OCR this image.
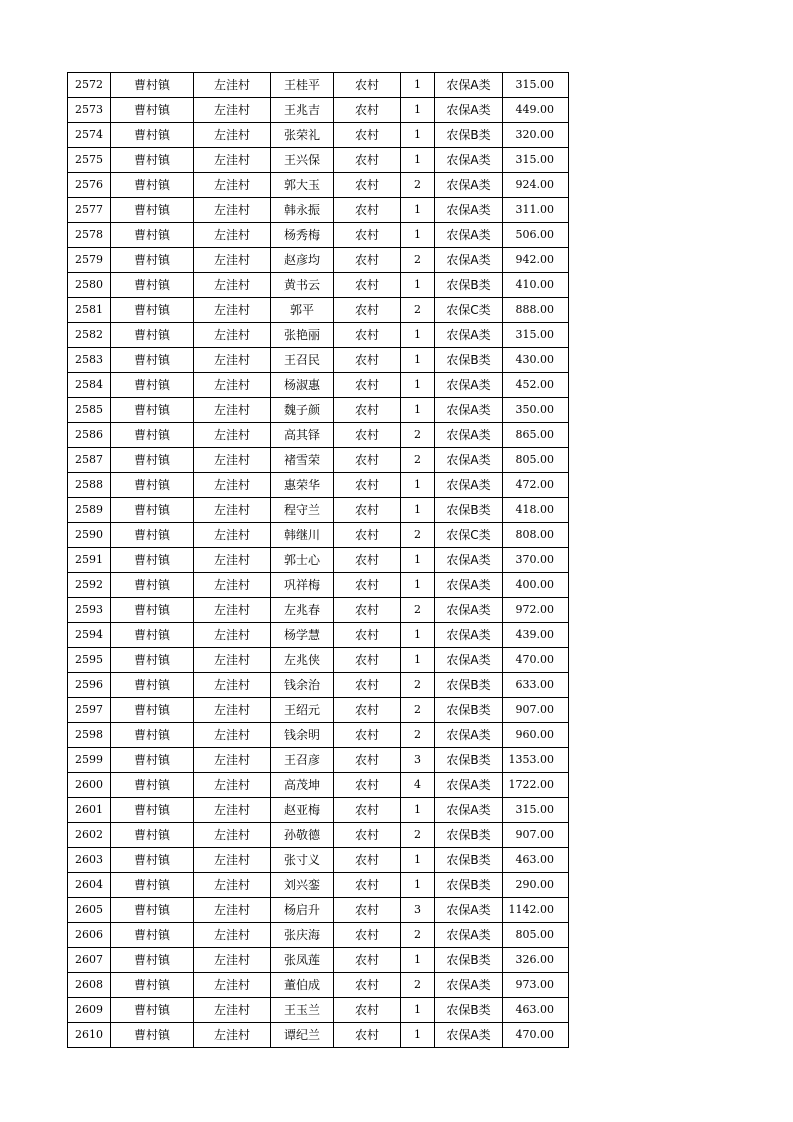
2572	曹村镇	左洼村	王桂平	农村	1	农保A类	315.00
2573	曹村镇	左洼村	王兆吉	农村	1	农保A类	449.00
2574	曹村镇	左洼村	张荣礼	农村	1	农保B类	320.00
2575	曹村镇	左洼村	王兴保	农村	1	农保A类	315.00
2576	曹村镇	左洼村	郭大玉	农村	2	农保A类	924.00
2577	曹村镇	左洼村	韩永振	农村	1	农保A类	311.00
2578	曹村镇	左洼村	杨秀梅	农村	1	农保A类	506.00
2579	曹村镇	左洼村	赵彦均	农村	2	农保A类	942.00
2580	曹村镇	左洼村	黄书云	农村	1	农保B类	410.00
2581	曹村镇	左洼村	郭平	农村	2	农保C类	888.00
2582	曹村镇	左洼村	张艳丽	农村	1	农保A类	315.00
2583	曹村镇	左洼村	王召民	农村	1	农保B类	430.00
2584	曹村镇	左洼村	杨淑惠	农村	1	农保A类	452.00
2585	曹村镇	左洼村	魏子颜	农村	1	农保A类	350.00
2586	曹村镇	左洼村	高其铎	农村	2	农保A类	865.00
2587	曹村镇	左洼村	褚雪荣	农村	2	农保A类	805.00
2588	曹村镇	左洼村	惠荣华	农村	1	农保A类	472.00
2589	曹村镇	左洼村	程守兰	农村	1	农保B类	418.00
2590	曹村镇	左洼村	韩继川	农村	2	农保C类	808.00
2591	曹村镇	左洼村	郭士心	农村	1	农保A类	370.00
2592	曹村镇	左洼村	巩祥梅	农村	1	农保A类	400.00
2593	曹村镇	左洼村	左兆春	农村	2	农保A类	972.00
2594	曹村镇	左洼村	杨学慧	农村	1	农保A类	439.00
2595	曹村镇	左洼村	左兆侠	农村	1	农保A类	470.00
2596	曹村镇	左洼村	钱余治	农村	2	农保B类	633.00
2597	曹村镇	左洼村	王绍元	农村	2	农保B类	907.00
2598	曹村镇	左洼村	钱余明	农村	2	农保A类	960.00
2599	曹村镇	左洼村	王召彦	农村	3	农保B类	1353.00
2600	曹村镇	左洼村	高茂坤	农村	4	农保A类	1722.00
2601	曹村镇	左洼村	赵亚梅	农村	1	农保A类	315.00
2602	曹村镇	左洼村	孙敬德	农村	2	农保B类	907.00
2603	曹村镇	左洼村	张寸义	农村	1	农保B类	463.00
2604	曹村镇	左洼村	刘兴銮	农村	1	农保B类	290.00
2605	曹村镇	左洼村	杨启升	农村	3	农保A类	1142.00
2606	曹村镇	左洼村	张庆海	农村	2	农保A类	805.00
2607	曹村镇	左洼村	张凤莲	农村	1	农保B类	326.00
2608	曹村镇	左洼村	董伯成	农村	2	农保A类	973.00
2609	曹村镇	左洼村	王玉兰	农村	1	农保B类	463.00
2610	曹村镇	左洼村	谭纪兰	农村	1	农保A类	470.00
